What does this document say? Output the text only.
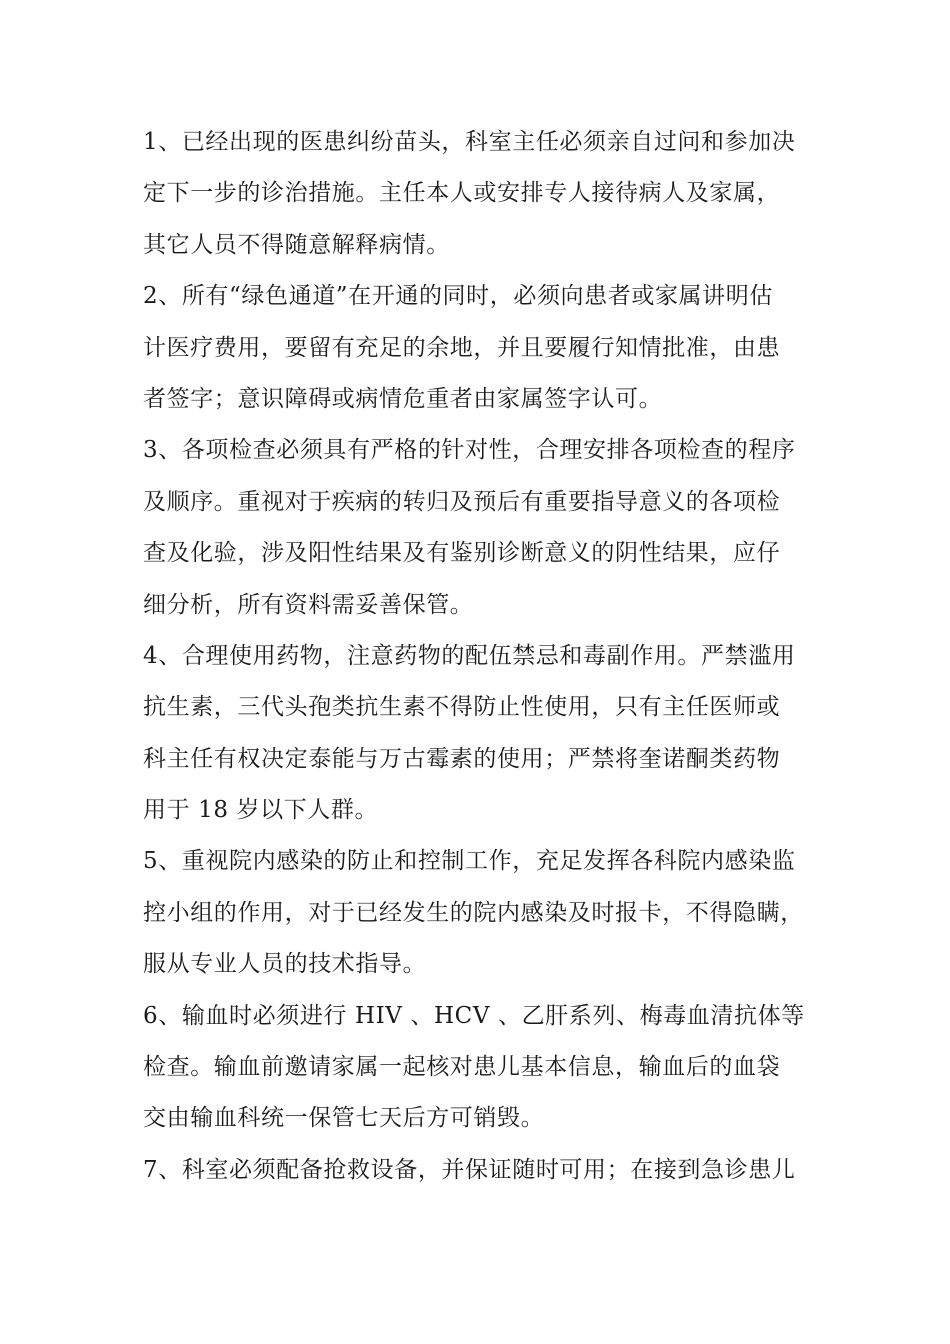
1、已经出现的医患纠纷苗头，科室主任必须亲自过问和参加决
定下一步的诊治措施。主任本人或安排专人接待病人及家属，
其它人员不得随意解释病情。
2、所有“绿色通道”在开通的同时，必须向患者或家属讲明估
计医疗费用，要留有充足的余地，并且要履行知情批准，由患
者签字；意识障碍或病情危重者由家属签字认可。
3、各项检查必须具有严格的针对性，合理安排各项检查的程序
及顺序。重视对于疾病的转归及预后有重要指导意义的各项检
查及化验，涉及阳性结果及有鉴别诊断意义的阴性结果，应仔
细分析，所有资料需妥善保管。
4、合理使用药物，注意药物的配伍禁忌和毒副作用。严禁滥用
抗生素，三代头孢类抗生素不得防止性使用，只有主任医师或
科主任有权决定泰能与万古霉素的使用；严禁将奎诺酮类药物
用于 18 岁以下人群。
5、重视院内感染的防止和控制工作，充足发挥各科院内感染监
控小组的作用，对于已经发生的院内感染及时报卡，不得隐瞒，
服从专业人员的技术指导。
6、输血时必须进行 HIV 、HCV 、乙肝系列、梅毒血清抗体等
检查。输血前邀请家属一起核对患儿基本信息，输血后的血袋
交由输血科统一保管七天后方可销毁。
7、科室必须配备抢救设备，并保证随时可用；在接到急诊患儿
